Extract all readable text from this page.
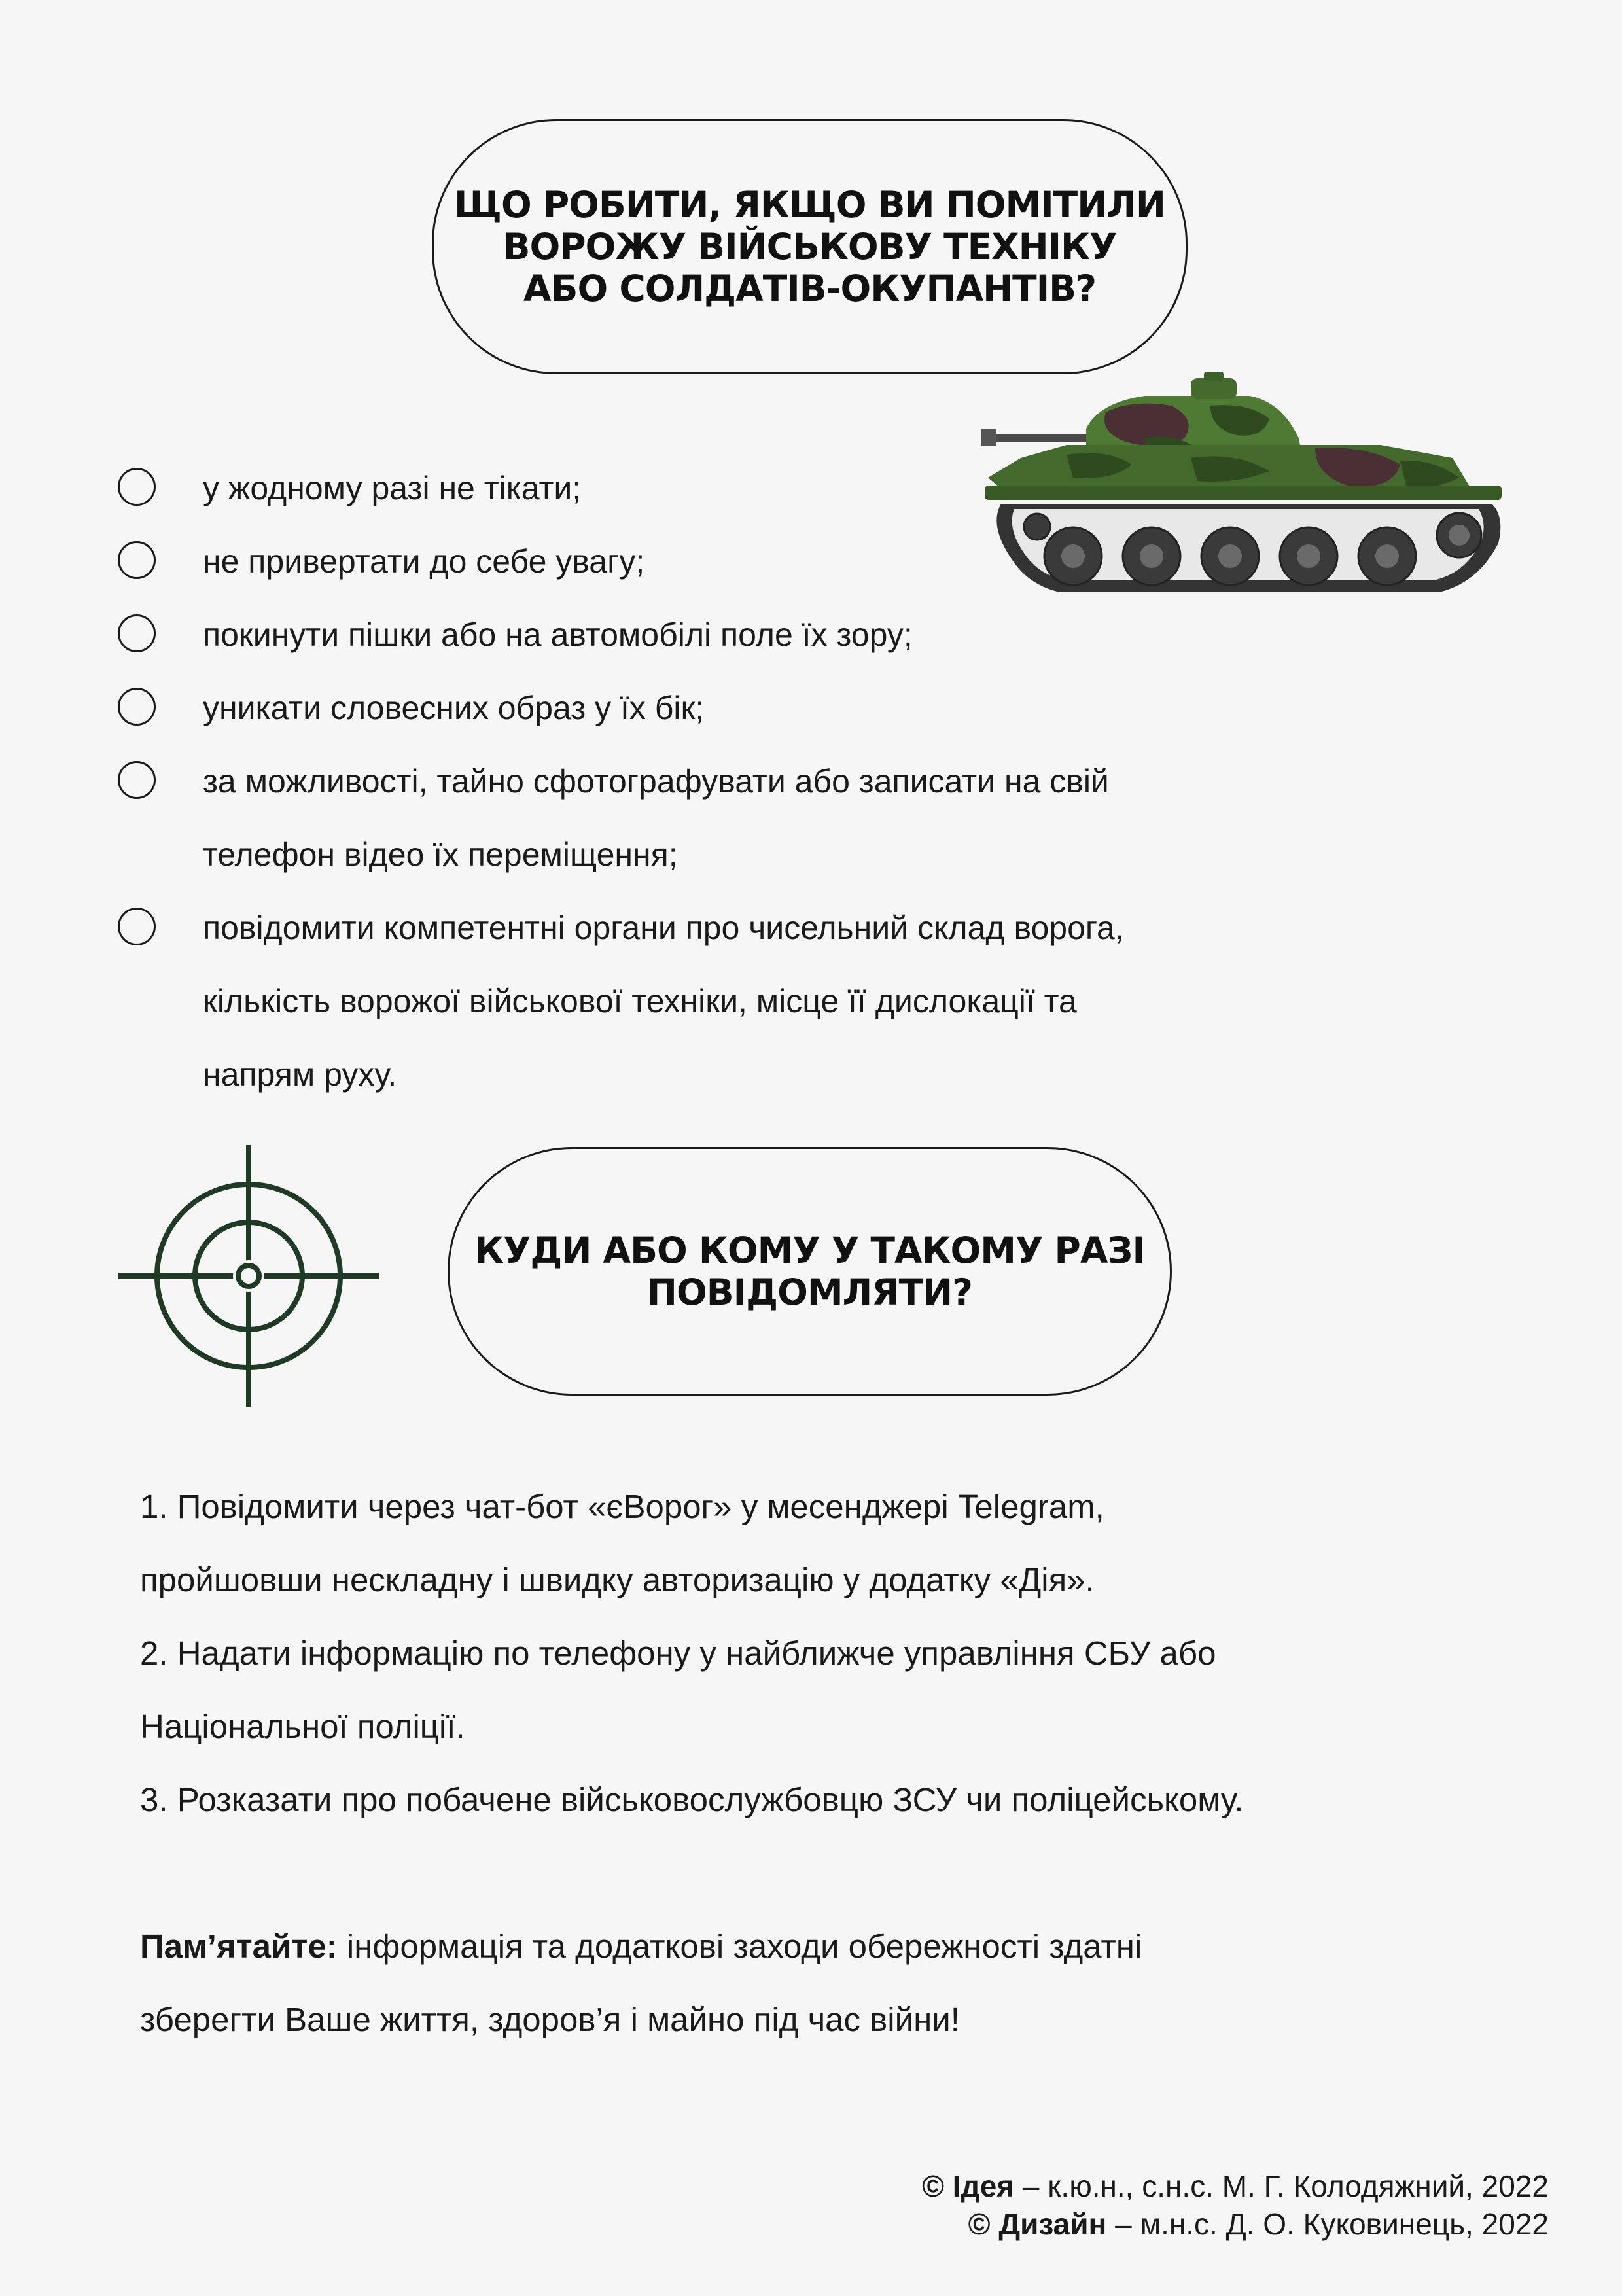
ЩО РОБИТИ, ЯКЩО ВИ ПОМІТИЛИ
ВОРОЖУ ВІЙСЬКОВУ ТЕХНІКУ
АБО СОЛДАТІВ-ОКУПАНТІВ?
у жодному разі не тікати;
не привертати до себе увагу;
покинути пішки або на автомобілі поле їх зору;
уникати словесних образ у їх бік;
за можливості, тайно сфотографувати або записати на свій
телефон відео їх переміщення;
повідомити компетентні органи про чисельний склад ворога,
кількість ворожої військової техніки, місце її дислокації та
напрям руху.
КУДИ АБО КОМУ У ТАКОМУ РАЗІ
ПОВІДОМЛЯТИ?
1. Повідомити через чат-бот «єВорог» у месенджері Telegram,
пройшовши нескладну і швидку авторизацію у додатку «Дія».
2. Надати інформацію по телефону у найближче управління СБУ або
Національної поліції.
3. Розказати про побачене військовослужбовцю ЗСУ чи поліцейському.
Пам’ятайте: інформація та додаткові заходи обережності здатні
зберегти Ваше життя, здоров’я і майно під час війни!
© Ідея – к.ю.н., с.н.с. М. Г. Колодяжний, 2022
© Дизайн – м.н.с. Д. О. Куковинець, 2022
